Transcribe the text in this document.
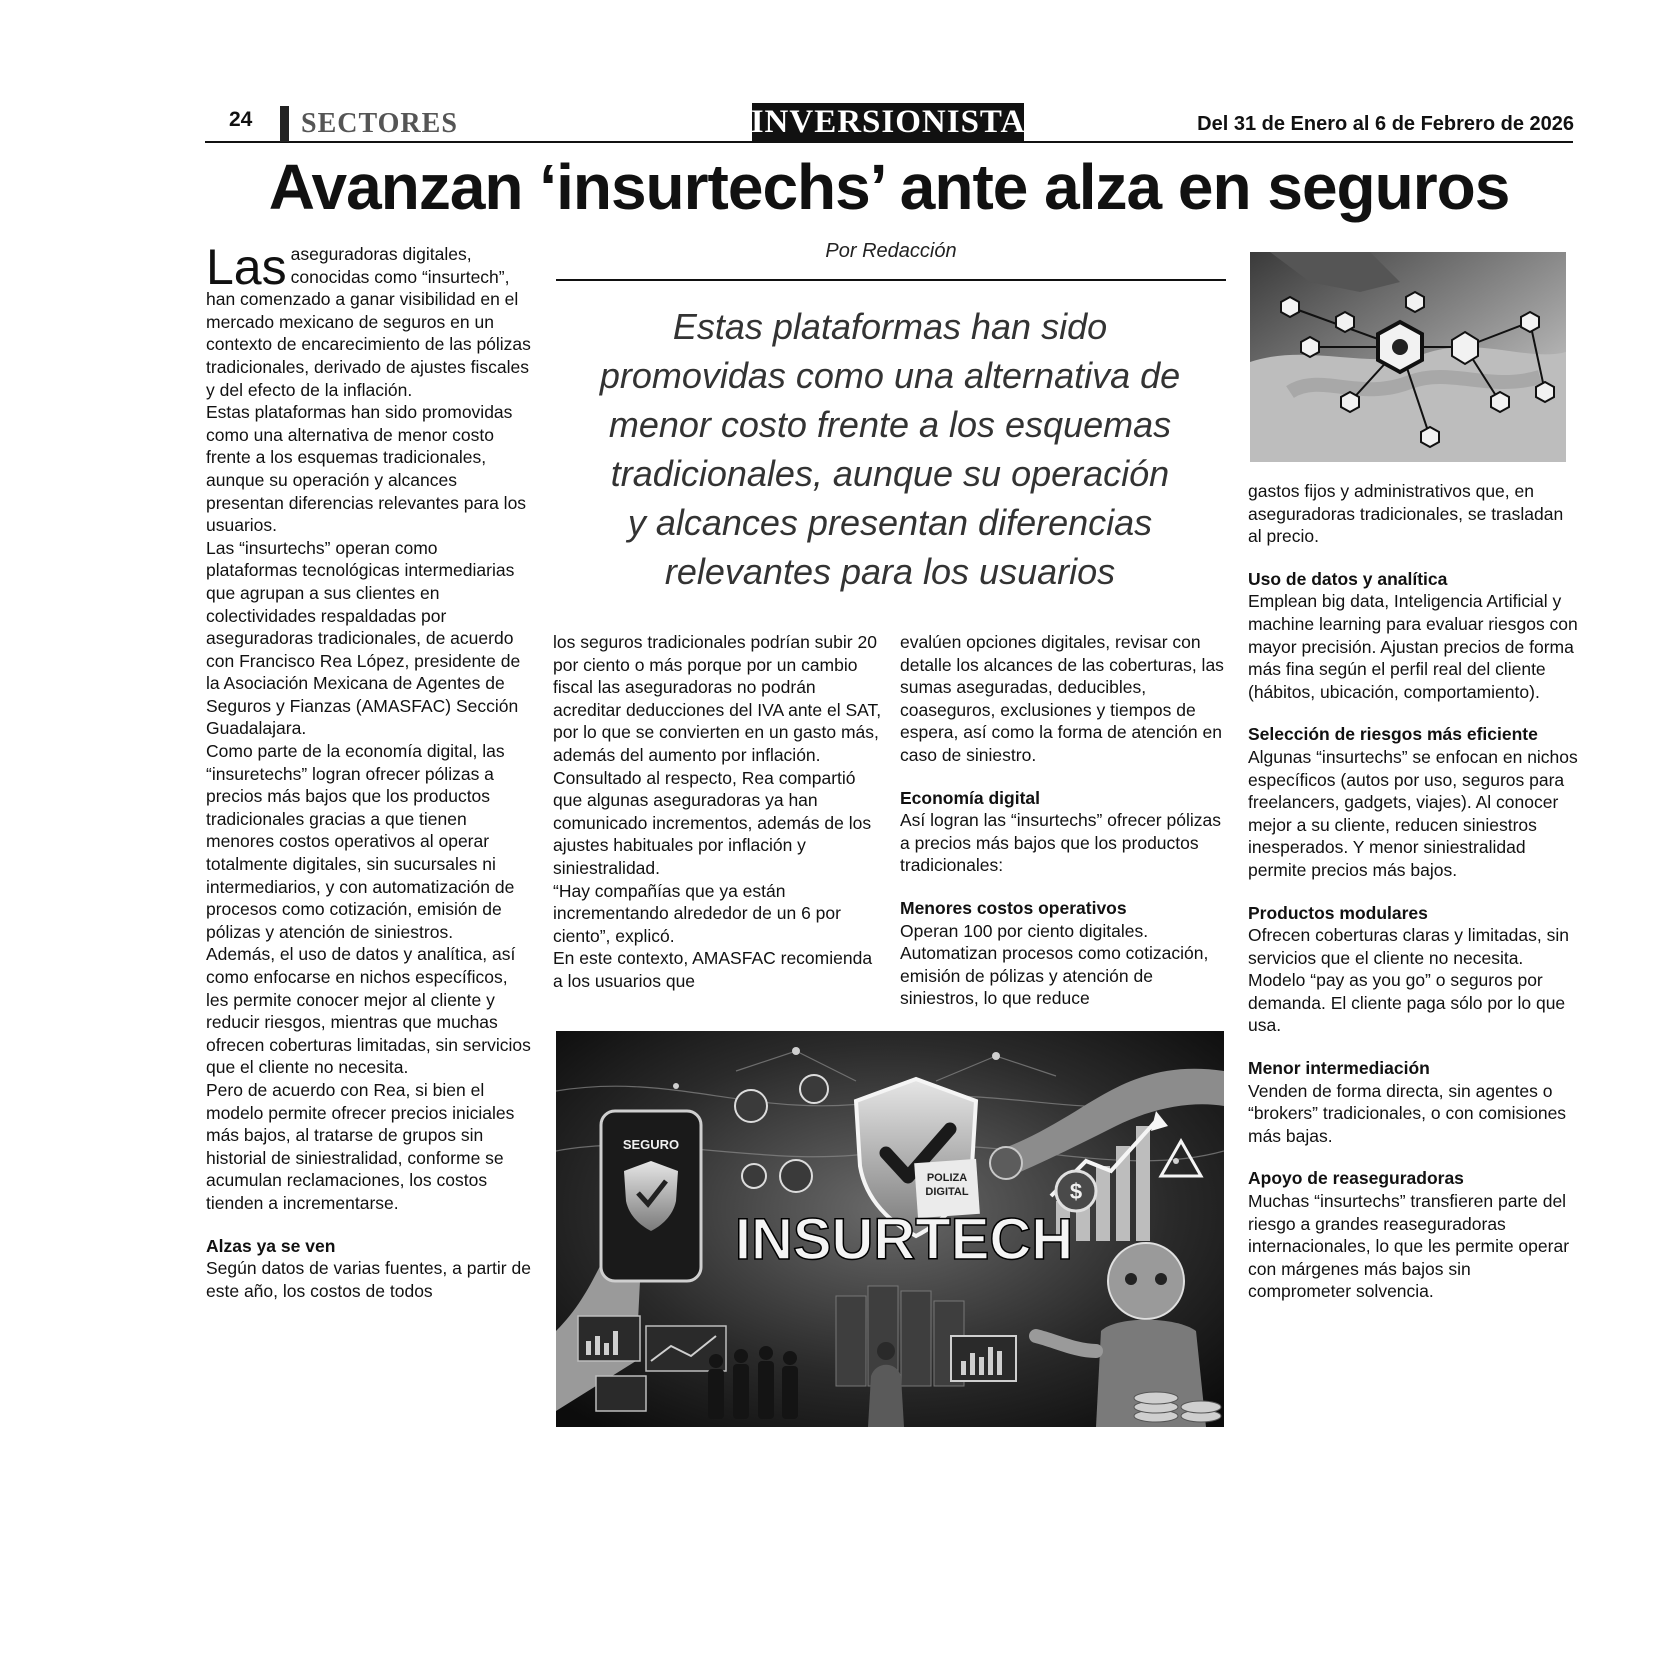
24 SECTORES	INVERSIONISTA	Del 31 de Enero al 6 de Febrero de 2026
Avanzan ‘insurtechs’ ante alza en seguros
Por Redacción
Estas plataformas han sido
promovidas como una alternativa de
menor costo frente a los esquemas
tradicionales, aunque su operación
y alcances presentan diferencias
relevantes para los usuarios

Las aseguradoras digitales, conocidas como “insurtech”, han comenzado a ganar visibilidad en el mercado mexicano de seguros en un contexto de encarecimiento de las pólizas tradicionales, derivado de ajustes fiscales y del efecto de la inflación.

Estas plataformas han sido promovidas como una alternativa de menor costo frente a los esquemas tradicionales, aunque su operación y alcances presentan diferencias relevantes para los usuarios.

Las “insurtechs” operan como plataformas tecnológicas intermediarias que agrupan a sus clientes en colectividades respaldadas por aseguradoras tradicionales, de acuerdo con Francisco Rea López, presidente de la Asociación Mexicana de Agentes de Seguros y Fianzas (AMASFAC) Sección Guadalajara.

Como parte de la economía digital, las “insuretechs” logran ofrecer pólizas a precios más bajos que los productos tradicionales gracias a que tienen menores costos operativos al operar totalmente digitales, sin sucursales ni intermediarios, y con automatización de procesos como cotización, emisión de pólizas y atención de siniestros.

Además, el uso de datos y analítica, así como enfocarse en nichos específicos, les permite conocer mejor al cliente y reducir riesgos, mientras que muchas ofrecen coberturas limitadas, sin servicios que el cliente no necesita.

Pero de acuerdo con Rea, si bien el modelo permite ofrecer precios iniciales más bajos, al tratarse de grupos sin historial de siniestralidad, conforme se acumulan reclamaciones, los costos tienden a incrementarse.

Alzas ya se ven

Según datos de varias fuentes, a partir de este año, los costos de todos

los seguros tradicionales podrían subir 20 por ciento o más porque por un cambio fiscal las aseguradoras no podrán acreditar deducciones del IVA ante el SAT, por lo que se convierten en un gasto más, además del aumento por inflación.

Consultado al respecto, Rea compartió que algunas aseguradoras ya han comunicado incrementos, además de los ajustes habituales por inflación y siniestralidad.

“Hay compañías que ya están incrementando alrededor de un 6 por ciento”, explicó.

En este contexto, AMASFAC recomienda a los usuarios que

evalúen opciones digitales, revisar con detalle los alcances de las coberturas, las sumas aseguradas, deducibles, coaseguros, exclusiones y tiempos de espera, así como la forma de atención en caso de siniestro.

Economía digital

Así logran las “insurtechs” ofrecer pólizas a precios más bajos que los productos tradicionales:

Menores costos operativos

Operan 100 por ciento digitales. Automatizan procesos como cotización, emisión de pólizas y atención de siniestros, lo que reduce

gastos fijos y administrativos que, en aseguradoras tradicionales, se trasladan al precio.

Uso de datos y analítica

Emplean big data, Inteligencia Artificial y machine learning para evaluar riesgos con mayor precisión. Ajustan precios de forma más fina según el perfil real del cliente (hábitos, ubicación, comportamiento).

Selección de riesgos más eficiente

Algunas “insurtechs” se enfocan en nichos específicos (autos por uso, seguros para freelancers, gadgets, viajes). Al conocer mejor a su cliente, reducen siniestros inesperados. Y menor siniestralidad permite precios más bajos.

Productos modulares

Ofrecen coberturas claras y limitadas, sin servicios que el cliente no necesita.

Modelo “pay as you go” o seguros por demanda. El cliente paga sólo por lo que usa.

Menor intermediación

Venden de forma directa, sin agentes o “brokers” tradicionales, o con comisiones más bajas.

Apoyo de reaseguradoras

Muchas “insurtechs” transfieren parte del riesgo a grandes reaseguradoras internacionales, lo que les permite operar con márgenes más bajos sin comprometer solvencia.

SEGURO
POLIZA
DIGITAL	$
INSURTECH
